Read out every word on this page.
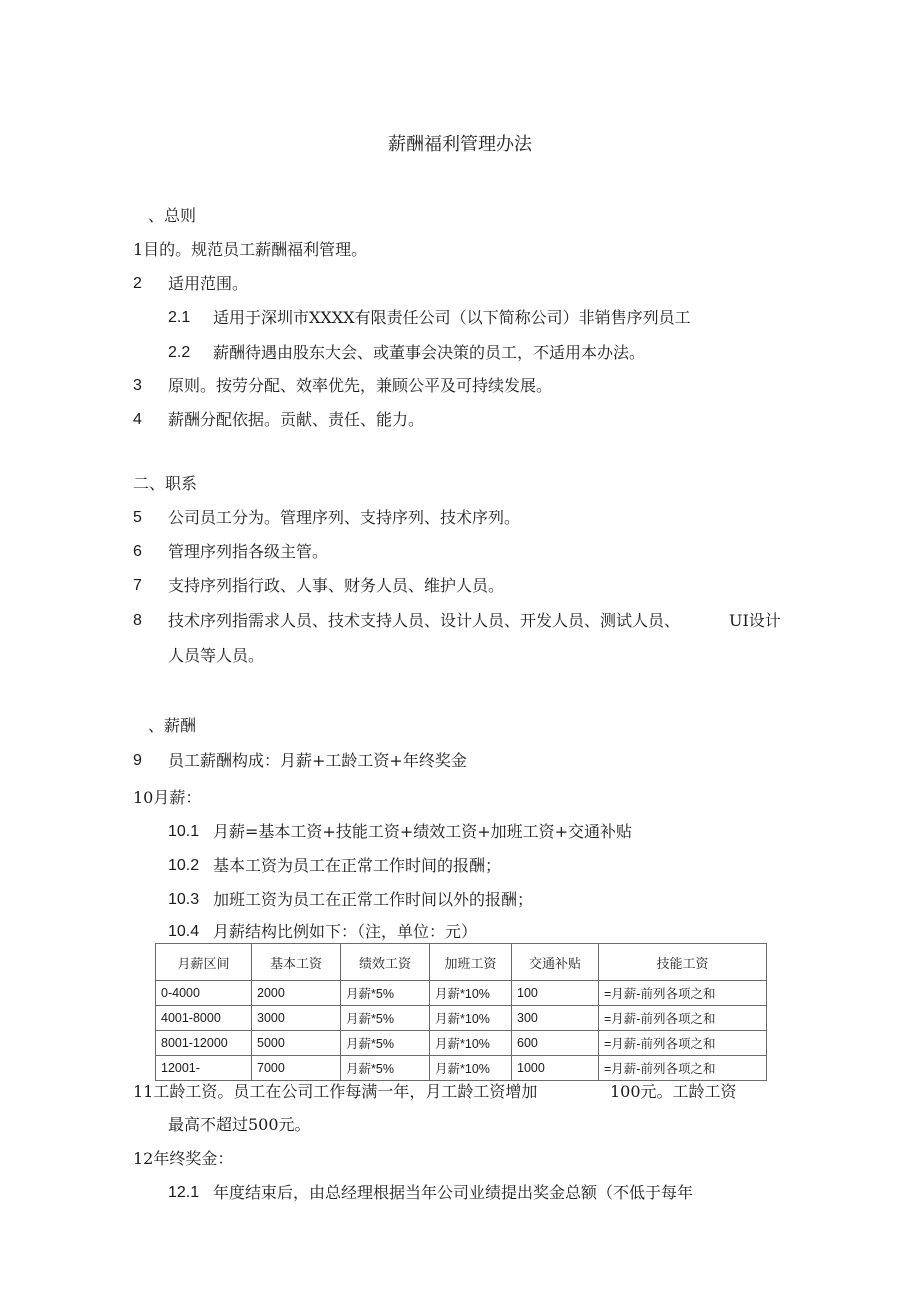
薪酬福利管理办法
、总则
1目的。规范员工薪酬福利管理。
2 适用范围。
2.1 适用于深圳市XXXX有限责任公司（以下简称公司）非销售序列员工
2.2 薪酬待遇由股东大会、或董事会决策的员工，不适用本办法。
3 原则。按劳分配、效率优先，兼顾公平及可持续发展。
4 薪酬分配依据。贡献、责任、能力。
二、职系
5 公司员工分为。管理序列、支持序列、技术序列。
6 管理序列指各级主管。
7 支持序列指行政、人事、财务人员、维护人员。
8 技术序列指需求人员、技术支持人员、设计人员、开发人员、测试人员、	UI设计
人员等人员。
、薪酬
9 员工薪酬构成：月薪+工龄工资+年终奖金
10月薪：
10.1 月薪=基本工资+技能工资+绩效工资+加班工资+交通补贴
10.2 基本工资为员工在正常工作时间的报酬；
10.3 加班工资为员工在正常工作时间以外的报酬；
10.4 月薪结构比例如下：（注，单位：元）
月薪区间	基本工资	绩效工资	加班工资	交通补贴	技能工资
0-4000	2000	月薪*5%	月薪*10%	100	=月薪-前列各项之和
4001-8000	3000	月薪*5%	月薪*10%	300	=月薪-前列各项之和
8001-12000	5000	月薪*5%	月薪*10%	600	=月薪-前列各项之和
12001-	7000	月薪*5%	月薪*10%	1000	=月薪-前列各项之和
11工龄工资。员工在公司工作每满一年，月工龄工资增加	100元。工龄工资
最高不超过500元。
12年终奖金：
12.1 年度结束后，由总经理根据当年公司业绩提出奖金总额（不低于每年
